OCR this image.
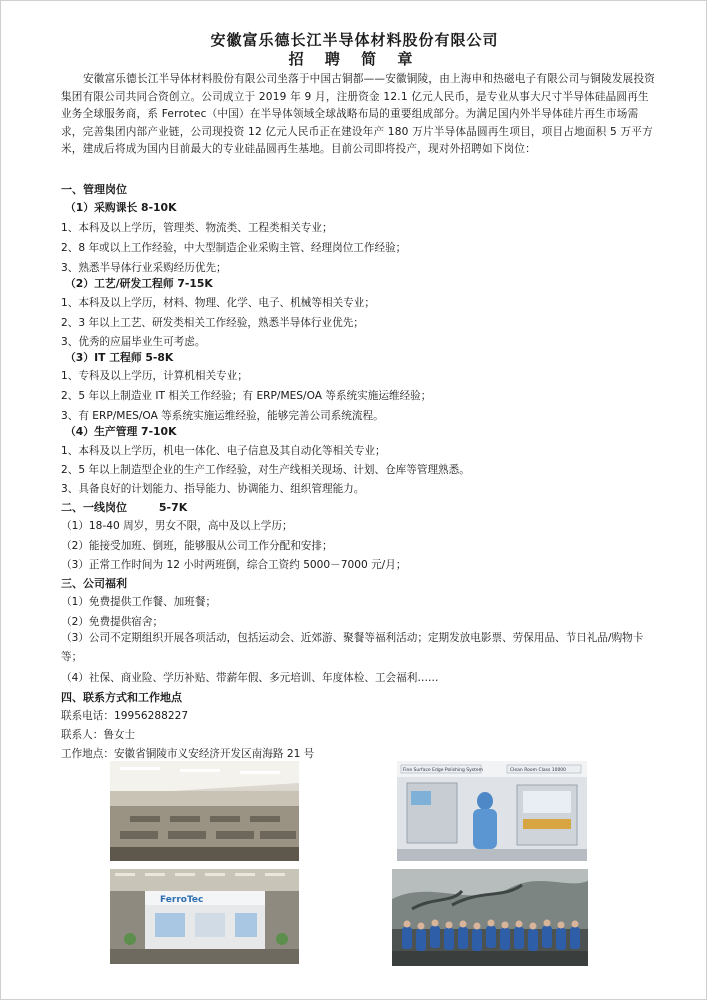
安徽富乐德长江半导体材料股份有限公司
招 聘 简 章
安徽富乐德长江半导体材料股份有限公司坐落于中国古铜都——安徽铜陵，由上海申和热磁电子有限公司与铜陵发展投资集团有限公司共同合资创立。公司成立于 2019 年 9 月，注册资金 12.1 亿元人民币，是专业从事大尺寸半导体硅晶圆再生业务全球服务商，系 Ferrotec（中国）在半导体领域全球战略布局的重要组成部分。为满足国内外半导体硅片再生市场需求，完善集团内部产业链，公司现投资 12 亿元人民币正在建设年产 180 万片半导体晶圆再生项目，项目占地面积 5 万平方米，建成后将成为国内目前最大的专业硅晶圆再生基地。目前公司即将投产，现对外招聘如下岗位：
一、管理岗位
（1）采购课长 8-10K
1、本科及以上学历，管理类、物流类、工程类相关专业；
2、8 年或以上工作经验，中大型制造企业采购主管、经理岗位工作经验；
3、熟悉半导体行业采购经历优先；
（2）工艺/研发工程师 7-15K
1、本科及以上学历，材料、物理、化学、电子、机械等相关专业；
2、3 年以上工艺、研发类相关工作经验，熟悉半导体行业优先；
3、优秀的应届毕业生可考虑。
（3）IT 工程师 5-8K
1、专科及以上学历，计算机相关专业；
2、5 年以上制造业 IT 相关工作经验；有 ERP/MES/OA 等系统实施运维经验；
3、有 ERP/MES/OA 等系统实施运维经验，能够完善公司系统流程。
（4）生产管理 7-10K
1、本科及以上学历，机电一体化、电子信息及其自动化等相关专业；
2、5 年以上制造型企业的生产工作经验，对生产线相关现场、计划、仓库等管理熟悉。
3、具备良好的计划能力、指导能力、协调能力、组织管理能力。
二、一线岗位	5-7K
（1）18-40 周岁，男女不限，高中及以上学历；
（2）能接受加班、倒班，能够服从公司工作分配和安排；
（3）正常工作时间为 12 小时两班倒，综合工资约 5000－7000 元/月；
三、公司福利
（1）免费提供工作餐、加班餐；
（2）免费提供宿舍；
（3）公司不定期组织开展各项活动，包括运动会、近郊游、聚餐等福利活动；定期发放电影票、劳保用品、节日礼品/购物卡等；
（4）社保、商业险、学历补贴、带薪年假、多元培训、年度体检、工会福利……
四、联系方式和工作地点
联系电话：19956288227
联系人：鲁女士
工作地点：安徽省铜陵市义安经济开发区南海路 21 号
Fine Surface Edge Polishing System	Clean Room Class 10000
FerroTec
